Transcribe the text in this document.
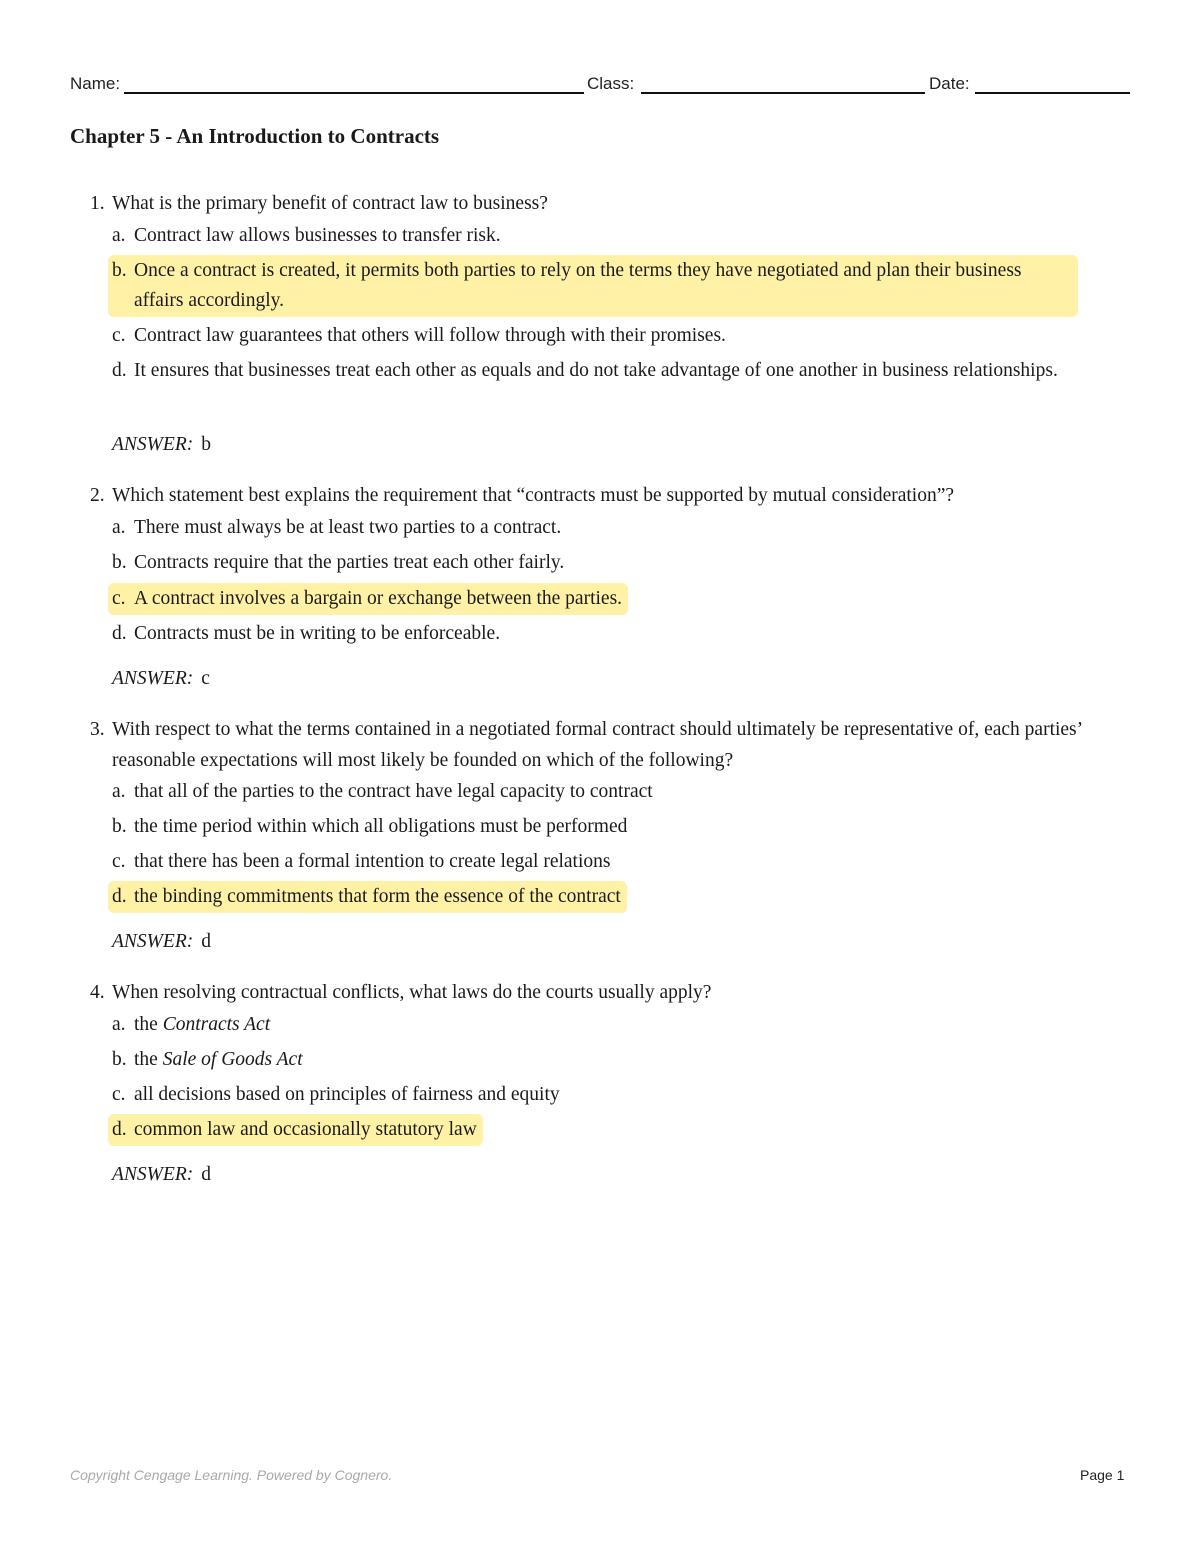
Name:	Class:	Date:
Chapter 5 - An Introduction to Contracts
1. What is the primary benefit of contract law to business?
a. Contract law allows businesses to transfer risk.
b. Once a contract is created, it permits both parties to rely on the terms they have negotiated and plan their business affairs accordingly.
c. Contract law guarantees that others will follow through with their promises.
d. It ensures that businesses treat each other as equals and do not take advantage of one another in business relationships.
ANSWER: b
2. Which statement best explains the requirement that “contracts must be supported by mutual consideration”?
a. There must always be at least two parties to a contract.
b. Contracts require that the parties treat each other fairly.
c. A contract involves a bargain or exchange between the parties.
d. Contracts must be in writing to be enforceable.
ANSWER: c
3. With respect to what the terms contained in a negotiated formal contract should ultimately be representative of, each parties’ reasonable expectations will most likely be founded on which of the following?
a. that all of the parties to the contract have legal capacity to contract
b. the time period within which all obligations must be performed
c. that there has been a formal intention to create legal relations
d. the binding commitments that form the essence of the contract
ANSWER: d
4. When resolving contractual conflicts, what laws do the courts usually apply?
a. the Contracts Act
b. the Sale of Goods Act
c. all decisions based on principles of fairness and equity
d. common law and occasionally statutory law
ANSWER: d
Copyright Cengage Learning. Powered by Cognero.	Page 1
